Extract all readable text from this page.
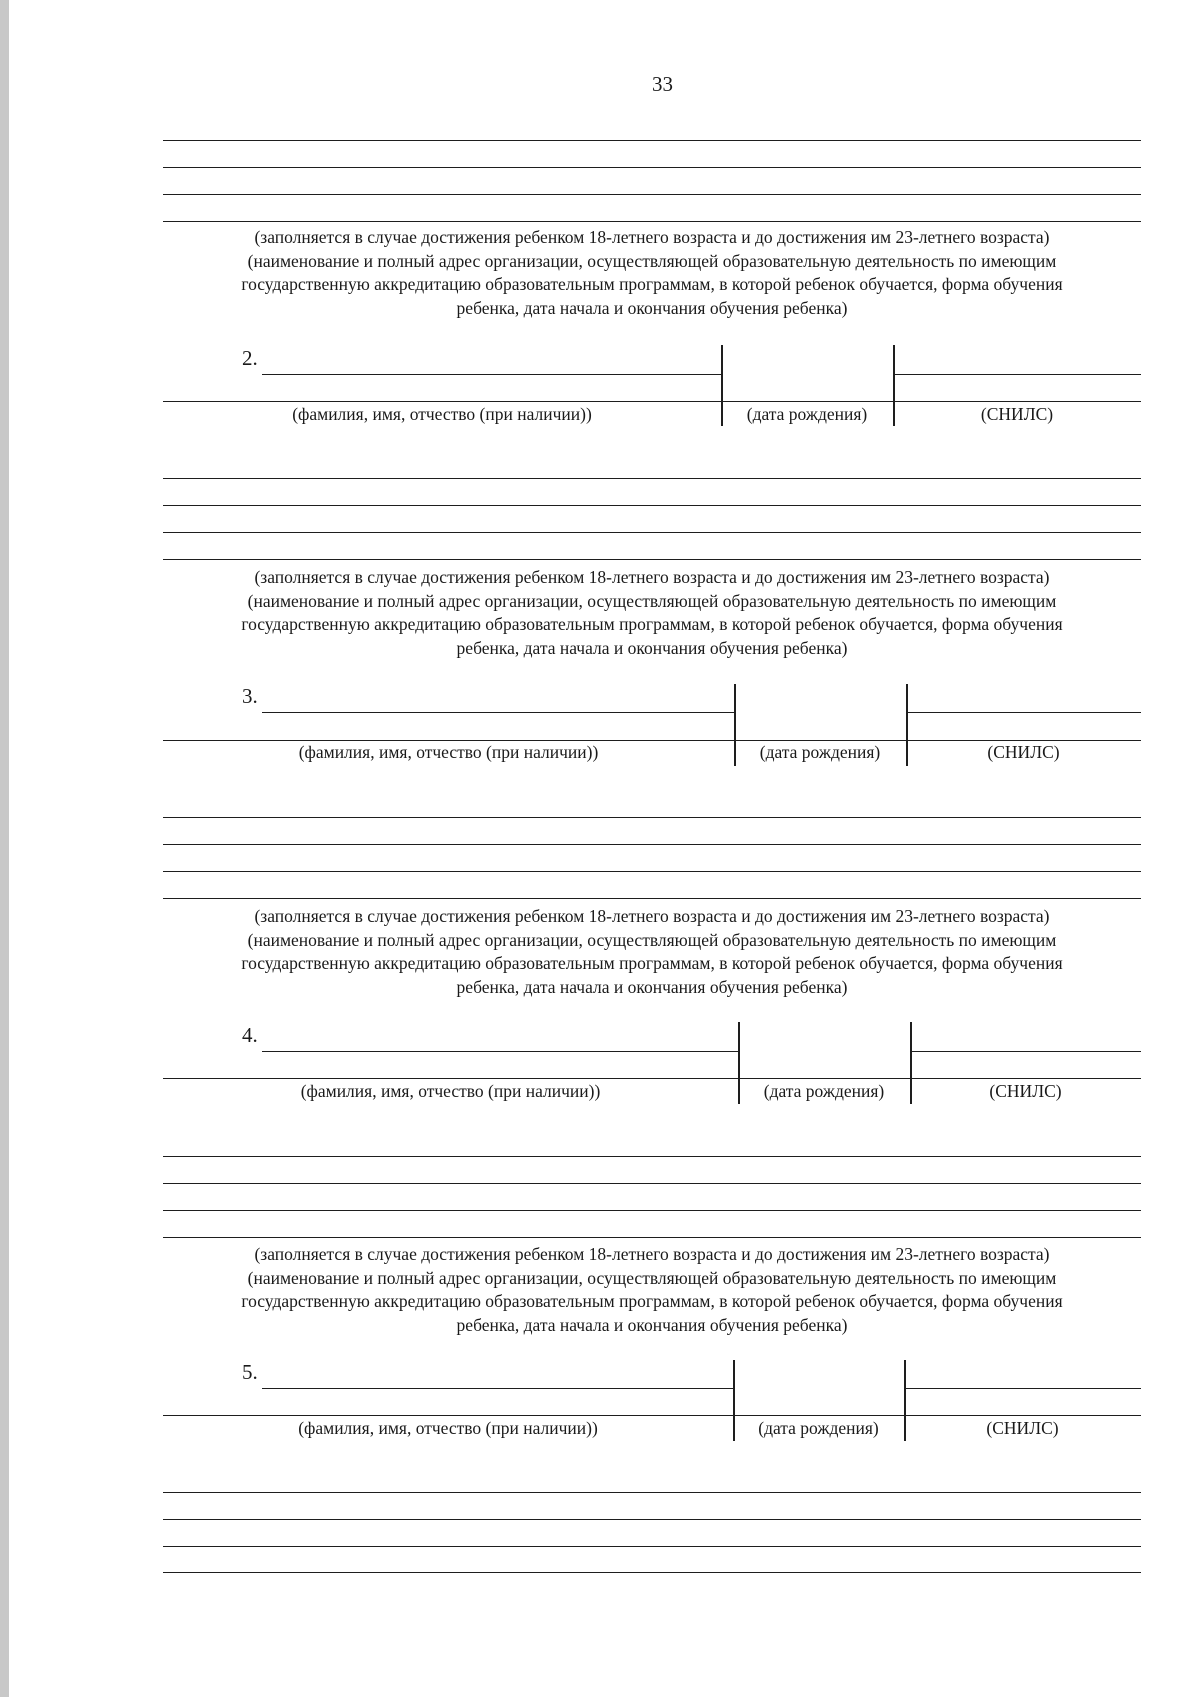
33
(заполняется в случае достижения ребенком 18-летнего возраста и до достижения им 23-летнего возраста)
(наименование и полный адрес организации, осуществляющей образовательную деятельность по имеющим
государственную аккредитацию образовательным программам, в которой ребенок обучается, форма обучения
ребенка, дата начала и окончания обучения ребенка)
2.
(фамилия, имя, отчество (при наличии))	(дата рождения)	(СНИЛС)
(заполняется в случае достижения ребенком 18-летнего возраста и до достижения им 23-летнего возраста)
(наименование и полный адрес организации, осуществляющей образовательную деятельность по имеющим
государственную аккредитацию образовательным программам, в которой ребенок обучается, форма обучения
ребенка, дата начала и окончания обучения ребенка)
3.
(фамилия, имя, отчество (при наличии))	(дата рождения)	(СНИЛС)
(заполняется в случае достижения ребенком 18-летнего возраста и до достижения им 23-летнего возраста)
(наименование и полный адрес организации, осуществляющей образовательную деятельность по имеющим
государственную аккредитацию образовательным программам, в которой ребенок обучается, форма обучения
ребенка, дата начала и окончания обучения ребенка)
4.
(фамилия, имя, отчество (при наличии))	(дата рождения)	(СНИЛС)
(заполняется в случае достижения ребенком 18-летнего возраста и до достижения им 23-летнего возраста)
(наименование и полный адрес организации, осуществляющей образовательную деятельность по имеющим
государственную аккредитацию образовательным программам, в которой ребенок обучается, форма обучения
ребенка, дата начала и окончания обучения ребенка)
5.
(фамилия, имя, отчество (при наличии))	(дата рождения)	(СНИЛС)
